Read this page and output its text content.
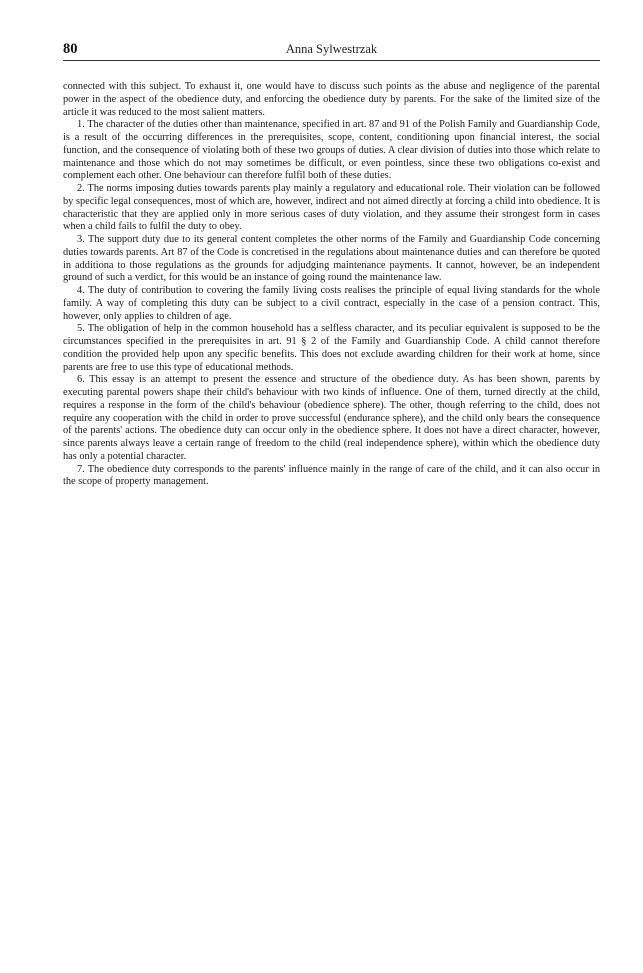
80	Anna Sylwestrzak

connected with this subject. To exhaust it, one would have to discuss such points as the abuse and negligence of the parental power in the aspect of the obedience duty, and enforcing the obedience duty by parents. For the sake of the limited size of the article it was reduced to the most salient matters.

1. The character of the duties other than maintenance, specified in art. 87 and 91 of the Polish Family and Guardianship Code, is a result of the occurring differences in the prerequisites, scope, content, conditioning upon financial interest, the social function, and the consequence of violating both of these two groups of duties. A clear division of duties into those which relate to maintenance and those which do not may sometimes be difficult, or even pointless, since these two obligations co-exist and complement each other. One behaviour can therefore fulfil both of these duties.

2. The norms imposing duties towards parents play mainly a regulatory and educational role. Their violation can be followed by specific legal consequences, most of which are, however, indirect and not aimed directly at forcing a child into obedience. It is characteristic that they are applied only in more serious cases of duty violation, and they assume their strongest form in cases when a child fails to fulfil the duty to obey.

3. The support duty due to its general content completes the other norms of the Family and Guardianship Code concerning duties towards parents. Art 87 of the Code is concretised in the regulations about maintenance duties and can therefore be quoted in additiona to those regulations as the grounds for adjudging maintenance payments. It cannot, however, be an independent ground of such a verdict, for this would be an instance of going round the maintenance law.

4. The duty of contribution to covering the family living costs realises the principle of equal living standards for the whole family. A way of completing this duty can be subject to a civil contract, especially in the case of a pension contract. This, however, only applies to children of age.

5. The obligation of help in the common household has a selfless character, and its peculiar equivalent is supposed to be the circumstances specified in the prerequisites in art. 91 § 2 of the Family and Guardianship Code. A child cannot therefore condition the provided help upon any specific benefits. This does not exclude awarding children for their work at home, since parents are free to use this type of educational methods.

6. This essay is an attempt to present the essence and structure of the obedience duty. As has been shown, parents by executing parental powers shape their child's behaviour with two kinds of influence. One of them, turned directly at the child, requires a response in the form of the child's behaviour (obedience sphere). The other, though referring to the child, does not require any cooperation with the child in order to prove successful (endurance sphere), and the child only bears the consequence of the parents' actions. The obedience duty can occur only in the obedience sphere. It does not have a direct character, however, since parents always leave a certain range of freedom to the child (real independence sphere), within which the obedience duty has only a potential character.

7. The obedience duty corresponds to the parents' influence mainly in the range of care of the child, and it can also occur in the scope of property management.
